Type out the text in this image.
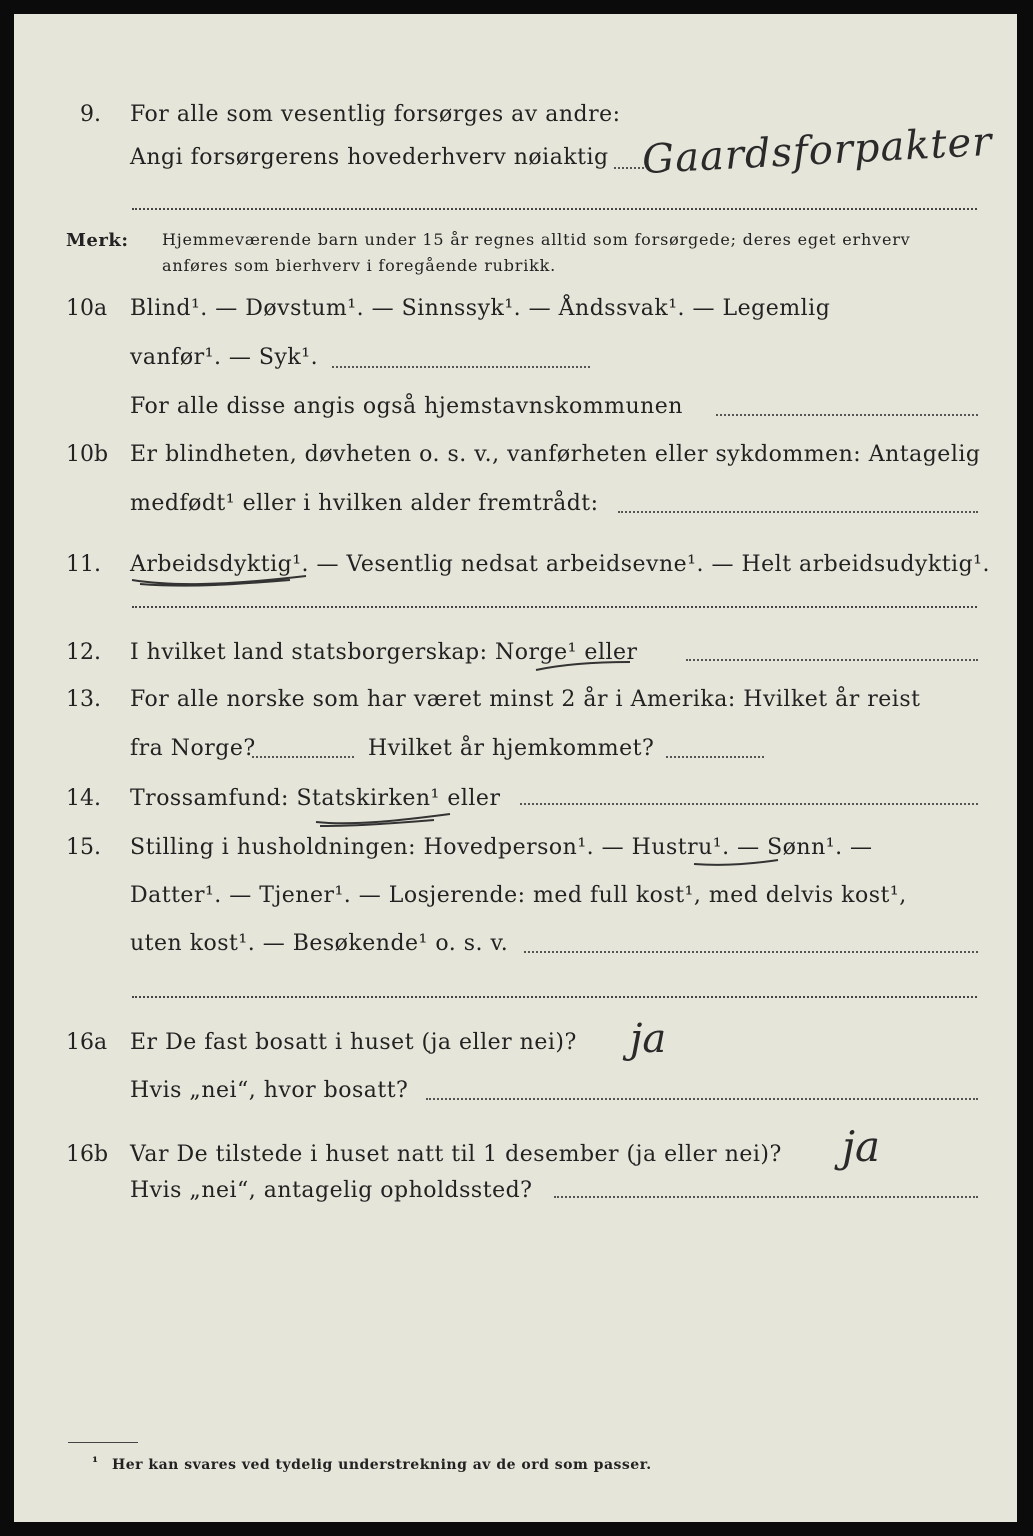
9. For alle som vesentlig forsørges av andre:
Angi forsørgerens hovederhverv nøiaktig Gaardsforpakter
Merk: Hjemmeværende barn under 15 år regnes alltid som forsørgede; deres eget erhverv
anføres som bierhverv i foregående rubrikk.
10a Blind¹. — Døvstum¹. — Sinnssyk¹. — Åndssvak¹. — Legemlig
vanfør¹. — Syk¹.
For alle disse angis også hjemstavnskommunen
10b Er blindheten, døvheten o. s. v., vanførheten eller sykdommen: Antagelig
medfødt¹ eller i hvilken alder fremtrådt:
11. Arbeidsdyktig¹. — Vesentlig nedsat arbeidsevne¹. — Helt arbeidsudyktig¹.
12. I hvilket land statsborgerskap: Norge¹ eller
13. For alle norske som har været minst 2 år i Amerika: Hvilket år reist
fra Norge?	Hvilket år hjemkommet?
14. Trossamfund: Statskirken¹ eller
15. Stilling i husholdningen: Hovedperson¹. — Hustru¹. — Sønn¹. —
Datter¹. — Tjener¹. — Losjerende: med full kost¹, med delvis kost¹,
uten kost¹. — Besøkende¹ o. s. v.
16a Er De fast bosatt i huset (ja eller nei)? ja
Hvis „nei“, hvor bosatt?
16b Var De tilstede i huset natt til 1 desember (ja eller nei)? ja
Hvis „nei“, antagelig opholdssted?
¹ Her kan svares ved tydelig understrekning av de ord som passer.
